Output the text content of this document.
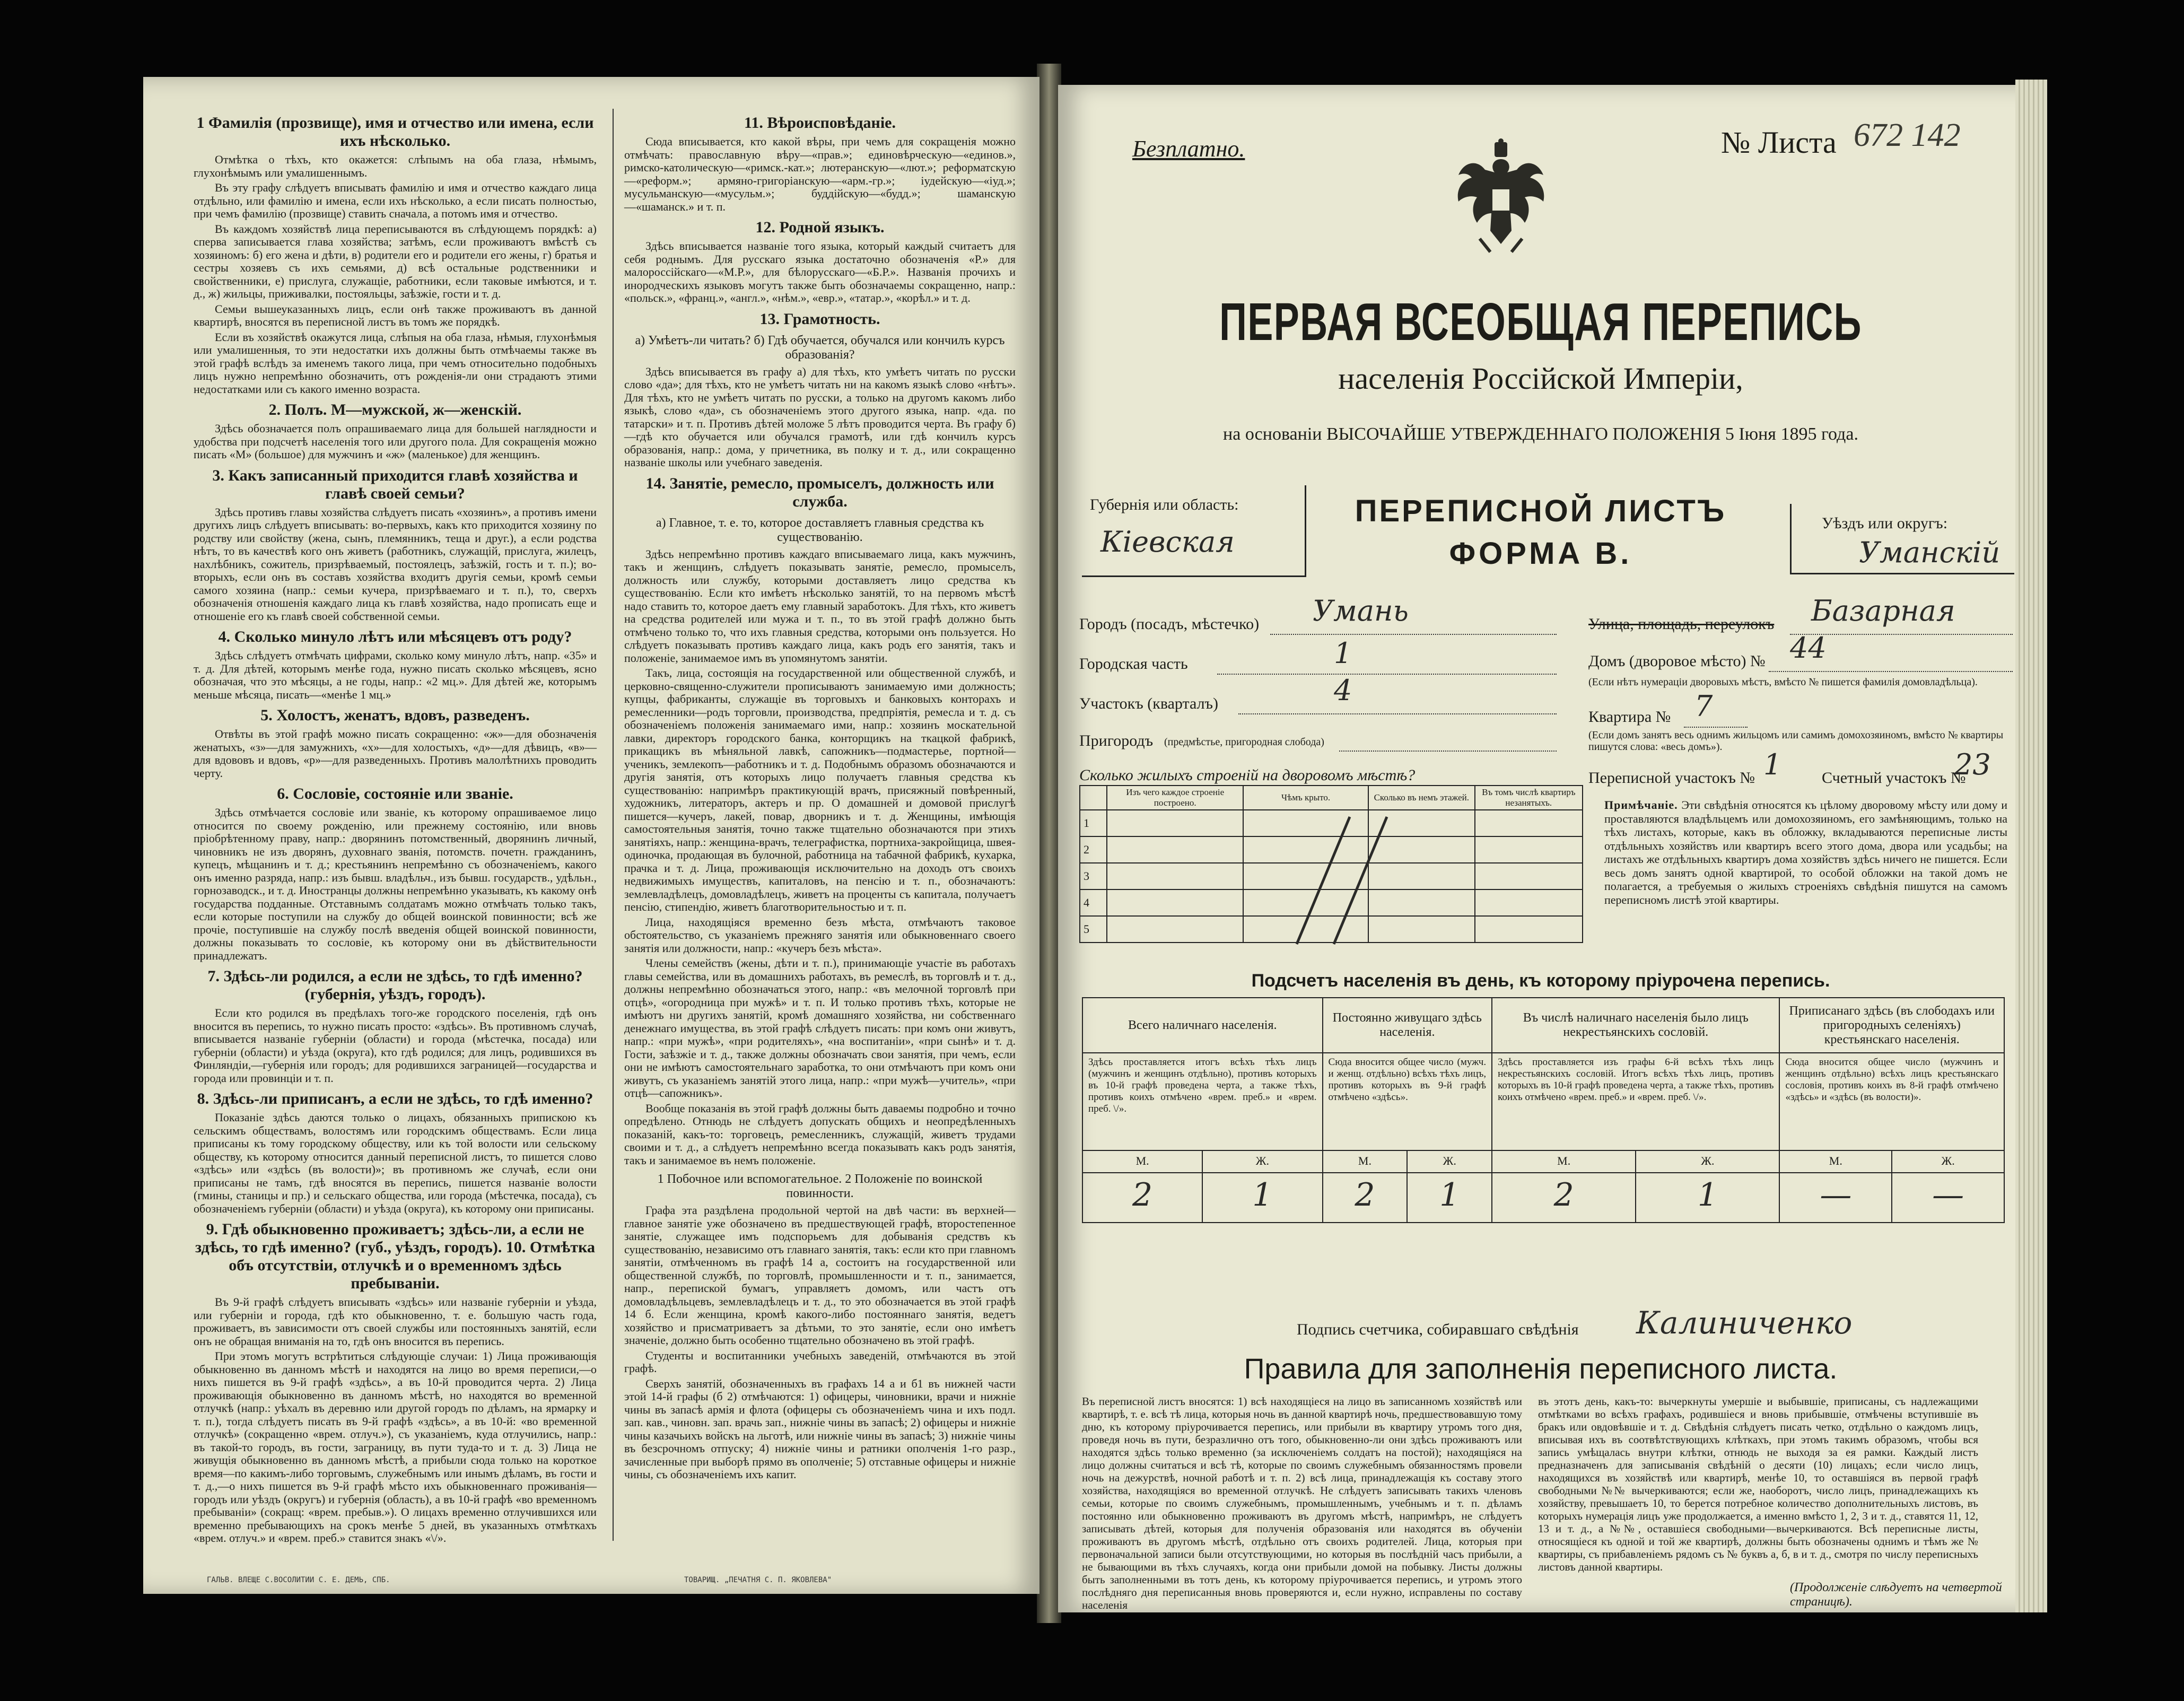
1 Фамилія (прозвище), имя и отчество или имена, если ихъ нѣсколько.

Отмѣтка о тѣхъ, кто окажется: слѣпымъ на оба глаза, нѣмымъ, глухонѣмымъ или умалишеннымъ.

Въ эту графу слѣдуетъ вписывать фамилію и имя и отчество каждаго лица отдѣльно, или фамилію и имена, если ихъ нѣсколько, а если писать полностью, при чемъ фамилію (прозвище) ставить сначала, а потомъ имя и отчество.

Въ каждомъ хозяйствѣ лица переписываются въ слѣдующемъ порядкѣ: а) сперва записывается глава хозяйства; затѣмъ, если проживаютъ вмѣстѣ съ хозяиномъ: б) его жена и дѣти, в) родители его и родители его жены, г) братья и сестры хозяевъ съ ихъ семьями, д) всѣ остальные родственники и свойственники, е) прислуга, служащіе, работники, если таковые имѣются, и т. д., ж) жильцы, приживалки, постояльцы, заѣзжіе, гости и т. д.

Семьи вышеуказанныхъ лицъ, если онѣ также проживаютъ въ данной квартирѣ, вносятся въ переписной листъ въ томъ же порядкѣ.

Если въ хозяйствѣ окажутся лица, слѣпыя на оба глаза, нѣмыя, глухонѣмыя или умалишенныя, то эти недостатки ихъ должны быть отмѣчаемы также въ этой графѣ вслѣдъ за именемъ такого лица, при чемъ относительно подобныхъ лицъ нужно непремѣнно обозначить, отъ рожденія-ли они страдаютъ этими недостатками или съ какого именно возраста.

2. Полъ. М—мужской, ж—женскій.

Здѣсь обозначается полъ опрашиваемаго лица для большей наглядности и удобства при подсчетѣ населенія того или другого пола. Для сокращенія можно писать «М» (большое) для мужчинъ и «ж» (маленькое) для женщинъ.

3. Какъ записанный приходится главѣ хозяйства и главѣ своей семьи?

Здѣсь противъ главы хозяйства слѣдуетъ писать «хозяинъ», а противъ имени другихъ лицъ слѣдуетъ вписывать: во-первыхъ, какъ кто приходится хозяину по родству или свойству (жена, сынъ, племянникъ, теща и друг.), а если родства нѣтъ, то въ качествѣ кого онъ живетъ (работникъ, служащій, прислуга, жилецъ, нахлѣбникъ, сожитель, призрѣваемый, постоялецъ, заѣзжій, гость и т. п.); во-вторыхъ, если онъ въ составъ хозяйства входитъ другія семьи, кромѣ семьи самого хозяина (напр.: семьи кучера, призрѣваемаго и т. п.), то, сверхъ обозначенія отношенія каждаго лица къ главѣ хозяйства, надо прописать еще и отношеніе его къ главѣ своей собственной семьи.

4. Сколько минуло лѣтъ или мѣсяцевъ отъ роду?

Здѣсь слѣдуетъ отмѣчать цифрами, сколько кому минуло лѣтъ, напр. «35» и т. д. Для дѣтей, которымъ менѣе года, нужно писать сколько мѣсяцевъ, ясно обозначая, что это мѣсяцы, а не годы, напр.: «2 мц.». Для дѣтей же, которымъ меньше мѣсяца, писать—«менѣе 1 мц.»

5. Холостъ, женатъ, вдовъ, разведенъ.

Отвѣты въ этой графѣ можно писать сокращенно: «ж»—для обозначенія женатыхъ, «з»—для замужнихъ, «х»—для холостыхъ, «д»—для дѣвицъ, «в»—для вдововъ и вдовъ, «р»—для разведенныхъ. Противъ малолѣтнихъ проводить черту.

6. Сословіе, состояніе или званіе.

Здѣсь отмѣчается сословіе или званіе, къ которому опрашиваемое лицо относится по своему рожденію, или прежнему состоянію, или вновь пріобрѣтенному праву, напр.: дворянинъ потомственный, дворянинъ личный, чиновникъ не изъ дворянъ, духовнаго званія, потомств. почетн. гражданинъ, купецъ, мѣщанинъ и т. д.; крестьянинъ непремѣнно съ обозначеніемъ, какого онъ именно разряда, напр.: изъ бывш. владѣльч., изъ бывш. государств., удѣльн., горнозаводск., и т. д. Иностранцы должны непремѣнно указывать, къ какому онѣ государства подданные. Отставнымъ солдатамъ можно отмѣчать только такъ, если которые поступили на службу до общей воинской повинности; всѣ же прочіе, поступившіе на службу послѣ введенія общей воинской повинности, должны показывать то сословіе, къ которому они въ дѣйствительности принадлежатъ.

7. Здѣсь-ли родился, а если не здѣсь, то гдѣ именно? (губернія, уѣздъ, городъ).

Если кто родился въ предѣлахъ того-же городского поселенія, гдѣ онъ вносится въ перепись, то нужно писать просто: «здѣсь». Въ противномъ случаѣ, вписывается названіе губерніи (области) и города (мѣстечка, посада) или губерніи (области) и уѣзда (округа), кто гдѣ родился; для лицъ, родившихся въ Финляндіи,—губернія или городъ; для родившихся заграницей—государства и города или провинціи и т. п.

8. Здѣсь-ли приписанъ, а если не здѣсь, то гдѣ именно?

Показаніе здѣсь даются только о лицахъ, обязанныхъ припискою къ сельскимъ обществамъ, волостямъ или городскимъ обществамъ. Если лица приписаны къ тому городскому обществу, или къ той волости или сельскому обществу, къ которому относится данный переписной листъ, то пишется слово «здѣсь» или «здѣсь (въ волости)»; въ противномъ же случаѣ, если они приписаны не тамъ, гдѣ вносятся въ перепись, пишется названіе волости (гмины, станицы и пр.) и сельскаго общества, или города (мѣстечка, посада), съ обозначеніемъ губерніи (области) и уѣзда (округа), къ которому они приписаны.

9. Гдѣ обыкновенно проживаетъ; здѣсь-ли, а если не здѣсь, то гдѣ именно? (губ., уѣздъ, городъ). 10. Отмѣтка объ отсутствіи, отлучкѣ и о временномъ здѣсь пребываніи.

Въ 9-й графѣ слѣдуетъ вписывать «здѣсь» или названіе губерніи и уѣзда, или губерніи и города, гдѣ кто обыкновенно, т. е. большую часть года, проживаетъ, въ зависимости отъ своей службы или постоянныхъ занятій, если онъ не обращая вниманія на то, гдѣ онъ вносится въ перепись.

При этомъ могутъ встрѣтиться слѣдующіе случаи: 1) Лица проживающія обыкновенно въ данномъ мѣстѣ и находятся на лицо во время переписи,—о нихъ пишется въ 9-й графѣ «здѣсь», а въ 10-й проводится черта. 2) Лица проживающія обыкновенно въ данномъ мѣстѣ, но находятся во временной отлучкѣ (напр.: уѣхалъ въ деревню или другой городъ по дѣламъ, на ярмарку и т. п.), тогда слѣдуетъ писать въ 9-й графѣ «здѣсь», а въ 10-й: «во временной отлучкѣ» (сокращенно «врем. отлуч.»), съ указаніемъ, куда отлучились, напр.: въ такой-то городъ, въ гости, заграницу, въ пути туда-то и т. д. 3) Лица не живущія обыкновенно въ данномъ мѣстѣ, а прибыли сюда только на короткое время—по какимъ-либо торговымъ, служебнымъ или инымъ дѣламъ, въ гости и т. д.,—о нихъ пишется въ 9-й графѣ мѣсто ихъ обыкновеннаго проживанія—городъ или уѣздъ (округъ) и губернія (область), а въ 10-й графѣ «во временномъ пребываніи» (сокращ: «врем. пребыв.»). О лицахъ временно отлучившихся или временно пребывающихъ на срокъ менѣе 5 дней, въ указанныхъ отмѣткахъ «врем. отлуч.» и «врем. преб.» ставится знакъ «\/».

11. Вѣроисповѣданіе.

Сюда вписывается, кто какой вѣры, при чемъ для сокращенія можно отмѣчать: православную вѣру—«прав.»; единовѣрческую—«единов.», римско-католическую—«римск.-кат.»; лютеранскую—«лют.»; реформатскую—«реформ.»; армяно-григоріанскую—«арм.-гр.»; іудейскую—«іуд.»; мусульманскую—«мусульм.»; буддійскую—«будд.»; шаманскую—«шаманск.» и т. п.

12. Родной языкъ.

Здѣсь вписывается названіе того языка, который каждый считаетъ для себя роднымъ. Для русскаго языка достаточно обозначенія «Р.» для малороссійскаго—«М.Р.», для бѣлорусскаго—«Б.Р.». Названія прочихъ и инородческихъ языковъ могутъ также быть обозначаемы сокращенно, напр.: «польск.», «франц.», «англ.», «нѣм.», «евр.», «татар.», «корѣл.» и т. д.

13. Грамотность.
а) Умѣетъ-ли читать? б) Гдѣ обучается, обучался или кончилъ курсъ образованія?

Здѣсь вписывается въ графу а) для тѣхъ, кто умѣетъ читать по русски слово «да»; для тѣхъ, кто не умѣетъ читать ни на какомъ языкѣ слово «нѣтъ». Для тѣхъ, кто не умѣетъ читать по русски, а только на другомъ какомъ либо языкѣ, слово «да», съ обозначеніемъ этого другого языка, напр. «да. по татарски» и т. п. Противъ дѣтей моложе 5 лѣтъ проводится черта. Въ графу б)—гдѣ кто обучается или обучался грамотѣ, или гдѣ кончилъ курсъ образованія, напр.: дома, у причетника, въ полку и т. д., или сокращенно названіе школы или учебнаго заведенія.

14. Занятіе, ремесло, промыселъ, должность или служба.
а) Главное, т. е. то, которое доставляетъ главныя средства къ существованію.

Здѣсь непремѣнно противъ каждаго вписываемаго лица, какъ мужчинъ, такъ и женщинъ, слѣдуетъ показывать занятіе, ремесло, промыселъ, должность или службу, которыми доставляетъ лицо средства къ существованію. Если кто имѣетъ нѣсколько занятій, то на первомъ мѣстѣ надо ставить то, которое даетъ ему главный заработокъ. Для тѣхъ, кто живетъ на средства родителей или мужа и т. п., то въ этой графѣ должно быть отмѣчено только то, что ихъ главныя средства, которыми онъ пользуется. Но слѣдуетъ показывать противъ каждаго лица, какъ родъ его занятія, такъ и положеніе, занимаемое имъ въ упомянутомъ занятіи.

Такъ, лица, состоящія на государственной или общественной службѣ, и церковно-священно-служители прописываютъ занимаемую ими должность; купцы, фабриканты, служащіе въ торговыхъ и банковыхъ конторахъ и ремесленники—родъ торговли, производства, предпріятія, ремесла и т. д. съ обозначеніемъ положенія занимаемаго ими, напр.: хозяинъ москательной лавки, директоръ городского банка, конторщикъ на ткацкой фабрикѣ, прикащикъ въ мѣняльной лавкѣ, сапожникъ—подмастерье, портной—ученикъ, землекопъ—работникъ и т. д. Подобнымъ образомъ обозначаются и другія занятія, отъ которыхъ лицо получаетъ главныя средства къ существованію: напримѣръ практикующій врачъ, присяжный повѣренный, художникъ, литераторъ, актеръ и пр. О домашней и домовой прислугѣ пишется—кучеръ, лакей, повар, дворникъ и т. д. Женщины, имѣющія самостоятельныя занятія, точно также тщательно обозначаются при этихъ занятіяхъ, напр.: женщина-врачъ, телеграфистка, портниха-закройщица, швея-одиночка, продающая въ булочной, работница на табачной фабрикѣ, кухарка, прачка и т. д. Лица, проживающія исключительно на доходъ отъ своихъ недвижимыхъ имуществъ, капиталовъ, на пенсію и т. п., обозначаютъ: землевладѣлецъ, домовладѣлецъ, живетъ на проценты съ капитала, получаетъ пенсію, стипендію, живетъ благотворительностью и т. п.

Лица, находящіяся временно безъ мѣста, отмѣчаютъ таковое обстоятельство, съ указаніемъ прежняго занятія или обыкновеннаго своего занятія или должности, напр.: «кучеръ безъ мѣста».

Члены семействъ (жены, дѣти и т. п.), принимающіе участіе въ работахъ главы семейства, или въ домашнихъ работахъ, въ ремеслѣ, въ торговлѣ и т. д., должны непремѣнно обозначаться этого, напр.: «въ мелочной торговлѣ при отцѣ», «огородница при мужѣ» и т. п. И только противъ тѣхъ, которые не имѣютъ ни другихъ занятій, кромѣ домашняго хозяйства, ни собственнаго денежнаго имущества, въ этой графѣ слѣдуетъ писать: при комъ они живутъ, напр.: «при мужѣ», «при родителяхъ», «на воспитаніи», «при сынѣ» и т. д. Гости, заѣзжіе и т. д., также должны обозначать свои занятія, при чемъ, если они не имѣютъ самостоятельнаго заработка, то они отмѣчаютъ при комъ они живутъ, съ указаніемъ занятій этого лица, напр.: «при мужѣ—учитель», «при отцѣ—сапожникъ».

Вообще показанія въ этой графѣ должны быть даваемы подробно и точно опредѣлено. Отнюдь не слѣдуетъ допускать общихъ и неопредѣленныхъ показаній, какъ-то: торговецъ, ремесленникъ, служащій, живетъ трудами своими и т. д., а слѣдуетъ непремѣнно всегда показывать какъ родъ занятія, такъ и занимаемое въ немъ положеніе.

1 Побочное или вспомогательное. 2 Положеніе по воинской повинности.

Графа эта раздѣлена продольной чертой на двѣ части: въ верхней—главное занятіе уже обозначено въ предшествующей графѣ, второстепенное занятіе, служащее имъ подспорьемъ для добыванія средствъ къ существованію, независимо отъ главнаго занятія, такъ: если кто при главномъ занятіи, отмѣченномъ въ графѣ 14 а, состоитъ на государственной или общественной службѣ, по торговлѣ, промышленности и т. п., занимается, напр., перепиской бумагъ, управляетъ домомъ, или частъ отъ домовладѣльцевъ, землевладѣлецъ и т. д., то это обозначается въ этой графѣ 14 б. Если женщина, кромѣ какого-либо постояннаго занятія, ведетъ хозяйство и присматриваетъ за дѣтьми, то это занятіе, если оно имѣетъ значеніе, должно быть особенно тщательно обозначено въ этой графѣ.

Студенты и воспитанники учебныхъ заведеній, отмѣчаются въ этой графѣ.

Сверхъ занятій, обозначенныхъ въ графахъ 14 а и б1 въ нижней части этой 14-й графы (б 2) отмѣчаются: 1) офицеры, чиновники, врачи и нижніе чины въ запасѣ армія и флота (офицеры съ обозначеніемъ чина и ихъ подл. зап. кав., чиновн. зап. врачь зап., нижніе чины въ запасѣ; 2) офицеры и нижніе чины казачьихъ войскъ на льготѣ, или нижніе чины въ запасѣ; 3) нижніе чины въ безсрочномъ отпуску; 4) нижніе чины и ратники ополченія 1-го разр., зачисленные при выборѣ прямо въ ополченіе; 5) отставные офицеры и нижніе чины, съ обозначеніемъ ихъ капит.

ГАЛЬВ. ВЛЕЩЕ С.ВОСОЛИТИИ С. Е. ДЕМЬ, СПБ.	ТОВАРИЩ. „ПЕЧАТНЯ С. П. ЯКОВЛЕВА"
Безплатно.	№ Листа 672 142
ПЕРВАЯ ВСЕОБЩАЯ ПЕРЕПИСЬ
населенія Россійской Имперіи,
на основаніи ВЫСОЧАЙШЕ УТВЕРЖДЕННАГО ПОЛОЖЕНІЯ 5 Іюня 1895 года.
Губернія или область:
Кіевская
ПЕРЕПИСНОЙ ЛИСТЪ
ФОРМА В.
Уѣздъ или округъ:
Уманскій
Городъ (посадъ, мѣстечко) Умань
Городская часть	1
Участокъ (кварталъ)	4
Пригородъ (предмѣстье, пригородная слобода)
Улица, площадь, переулокъ Базарная
Домъ (дворовое мѣсто) № 44
(Если нѣтъ нумераціи дворовыхъ мѣстъ, вмѣсто № пишется фамилія домовладѣльца).
Квартира № 7
(Если домъ занятъ весь однимъ жильцомъ или самимъ домохозяиномъ, вмѣсто № квартиры пишутся слова: «весь домъ»).
Переписной участокъ № 1	Счетный участокъ №
23
Сколько жилыхъ строеній на дворовомъ мѣстѣ?
	Изъ чего каждое строеніе построено.	Чѣмъ крыто.	Сколько въ немъ этажей.	Въ томъ числѣ квартиръ незанятыхъ.
1				
2				
3				
4				
5				
Примѣчаніе. Эти свѣдѣнія относятся къ цѣлому дворовому мѣсту или дому и проставляются владѣльцемъ или домохозяиномъ, его замѣняющимъ, только на тѣхъ листахъ, которые, какъ въ обложку, вкладываются переписные листы отдѣльныхъ хозяйствъ или квартиръ всего этого дома, двора или усадьбы; на листахъ же отдѣльныхъ квартиръ дома хозяйствъ здѣсь ничего не пишется. Если весь домъ занятъ одной квартирой, то особой обложки на такой домъ не полагается, а требуемыя о жилыхъ строеніяхъ свѣдѣнія пишутся на самомъ переписномъ листѣ этой квартиры.
Подсчетъ населенія въ день, къ которому пріурочена перепись.
Всего наличнаго населенія.		Постоянно живущаго здѣсь населенія.		Въ числѣ наличнаго населенія было лицъ некрестьянскихъ сословій.		Приписанаго здѣсь (въ слободахъ или пригородныхъ селеніяхъ) крестьянскаго населенія.	
Здѣсь проставляется итогъ всѣхъ тѣхъ лицъ (мужчинъ и женщинъ отдѣльно), противъ которыхъ въ 10-й графѣ проведена черта, а также тѣхъ, противъ коихъ отмѣчено «врем. преб.» и «врем. преб. \/».		Сюда вносится общее число (мужч. и женщ. отдѣльно) всѣхъ тѣхъ лицъ, противъ которыхъ въ 9-й графѣ отмѣчено «здѣсь».		Здѣсь проставляется изъ графы 6-й всѣхъ тѣхъ лицъ некрестьянскихъ сословій. Итогъ всѣхъ тѣхъ лицъ, противъ которыхъ въ 10-й графѣ проведена черта, а также тѣхъ, противъ коихъ отмѣчено «врем. преб.» и «врем. преб. \/».		Сюда вносится общее число (мужчинъ и женщинъ отдѣльно) всѣхъ лицъ крестьянскаго сословія, противъ коихъ въ 8-й графѣ отмѣчено «здѣсь» и «здѣсь (въ волости)».	
М.	Ж.	М.	Ж.	М.	Ж.	М.	Ж.
2	1	2	1	2	1	—	—
Подпись счетчика, собиравшаго свѣдѣнія Калиниченко
Правила для заполненія переписного листа.
Въ переписной листъ вносятся: 1) всѣ находящіеся на лицо въ записанномъ хозяйствѣ или квартирѣ, т. е. всѣ тѣ лица, которыя ночь въ данной квартирѣ ночь, предшествовавшую тому дню, къ которому пріурочивается перепись, или прибыли въ квартиру утромъ того дня, проведя ночь въ пути, безразлично отъ того, обыкновенно-ли они здѣсь проживаютъ или находятся здѣсь только временно (за исключеніемъ солдатъ на постой); находящіяся на лицо должны считаться и всѣ тѣ, которые по своимъ служебнымъ обязанностямъ провели ночь на дежурствѣ, ночной работѣ и т. п. 2) всѣ лица, принадлежащія къ составу этого хозяйства, находящіяся во временной отлучкѣ. Не слѣдуетъ записывать такихъ членовъ семьи, которые по своимъ служебнымъ, промышленнымъ, учебнымъ и т. п. дѣламъ постоянно или обыкновенно проживаютъ въ другомъ мѣстѣ, напримѣръ, не слѣдуетъ записывать дѣтей, которыя для полученія образованія или находятся въ обученіи проживаютъ въ другомъ мѣстѣ, отдѣльно отъ своихъ родителей. Лица, которыя при первоначальной записи были отсутствующими, но которыя въ послѣдній часъ прибыли, а не бывающими въ тѣхъ случаяхъ, когда они прибыли домой на побывку. Листы должны быть заполненными въ тотъ день, къ которому пріурочивается перепись, и утромъ этого послѣдняго дня переписанныя вновь проверяются и, если нужно, исправлены по составу населенія
въ этотъ день, какъ-то: вычеркнуты умершіе и выбывшіе, приписаны, съ надлежащими отмѣтками во всѣхъ графахъ, родившіеся и вновь прибывшіе, отмѣчены вступившіе въ бракъ или овдовѣвшіе и т. д. Свѣдѣнія слѣдуетъ писать четко, отдѣльно о каждомъ лицъ, вписывая ихъ въ соотвѣтствующихъ клѣткахъ, при этомъ такимъ образомъ, чтобы вся запись умѣщалась внутри клѣтки, отнюдь не выходя за ея рамки. Каждый листъ предназначенъ для записыванія свѣдѣній о десяти (10) лицахъ; если число лицъ, находящихся въ хозяйствѣ или квартирѣ, менѣе 10, то оставшіяся въ первой графѣ свободными №№ вычеркиваются; если же, наоборотъ, число лицъ, принадлежащихъ къ хозяйству, превышаетъ 10, то берется потребное количество дополнительныхъ листовъ, въ которыхъ нумерація лицъ уже продолжается, а именно вмѣсто 1, 2, 3 и т. д., ставятся 11, 12, 13 и т. д., а №№, оставшіеся свободными—вычеркиваются. Всѣ переписные листы, относящіеся къ одной и той же квартирѣ, должны быть обозначены однимъ и тѣмъ же № квартиры, съ прибавленіемъ рядомъ съ № буквъ а, б, в и т. д., смотря по числу переписныхъ листовъ данной квартиры.
(Продолженіе слѣдуетъ на четвертой страницѣ).
